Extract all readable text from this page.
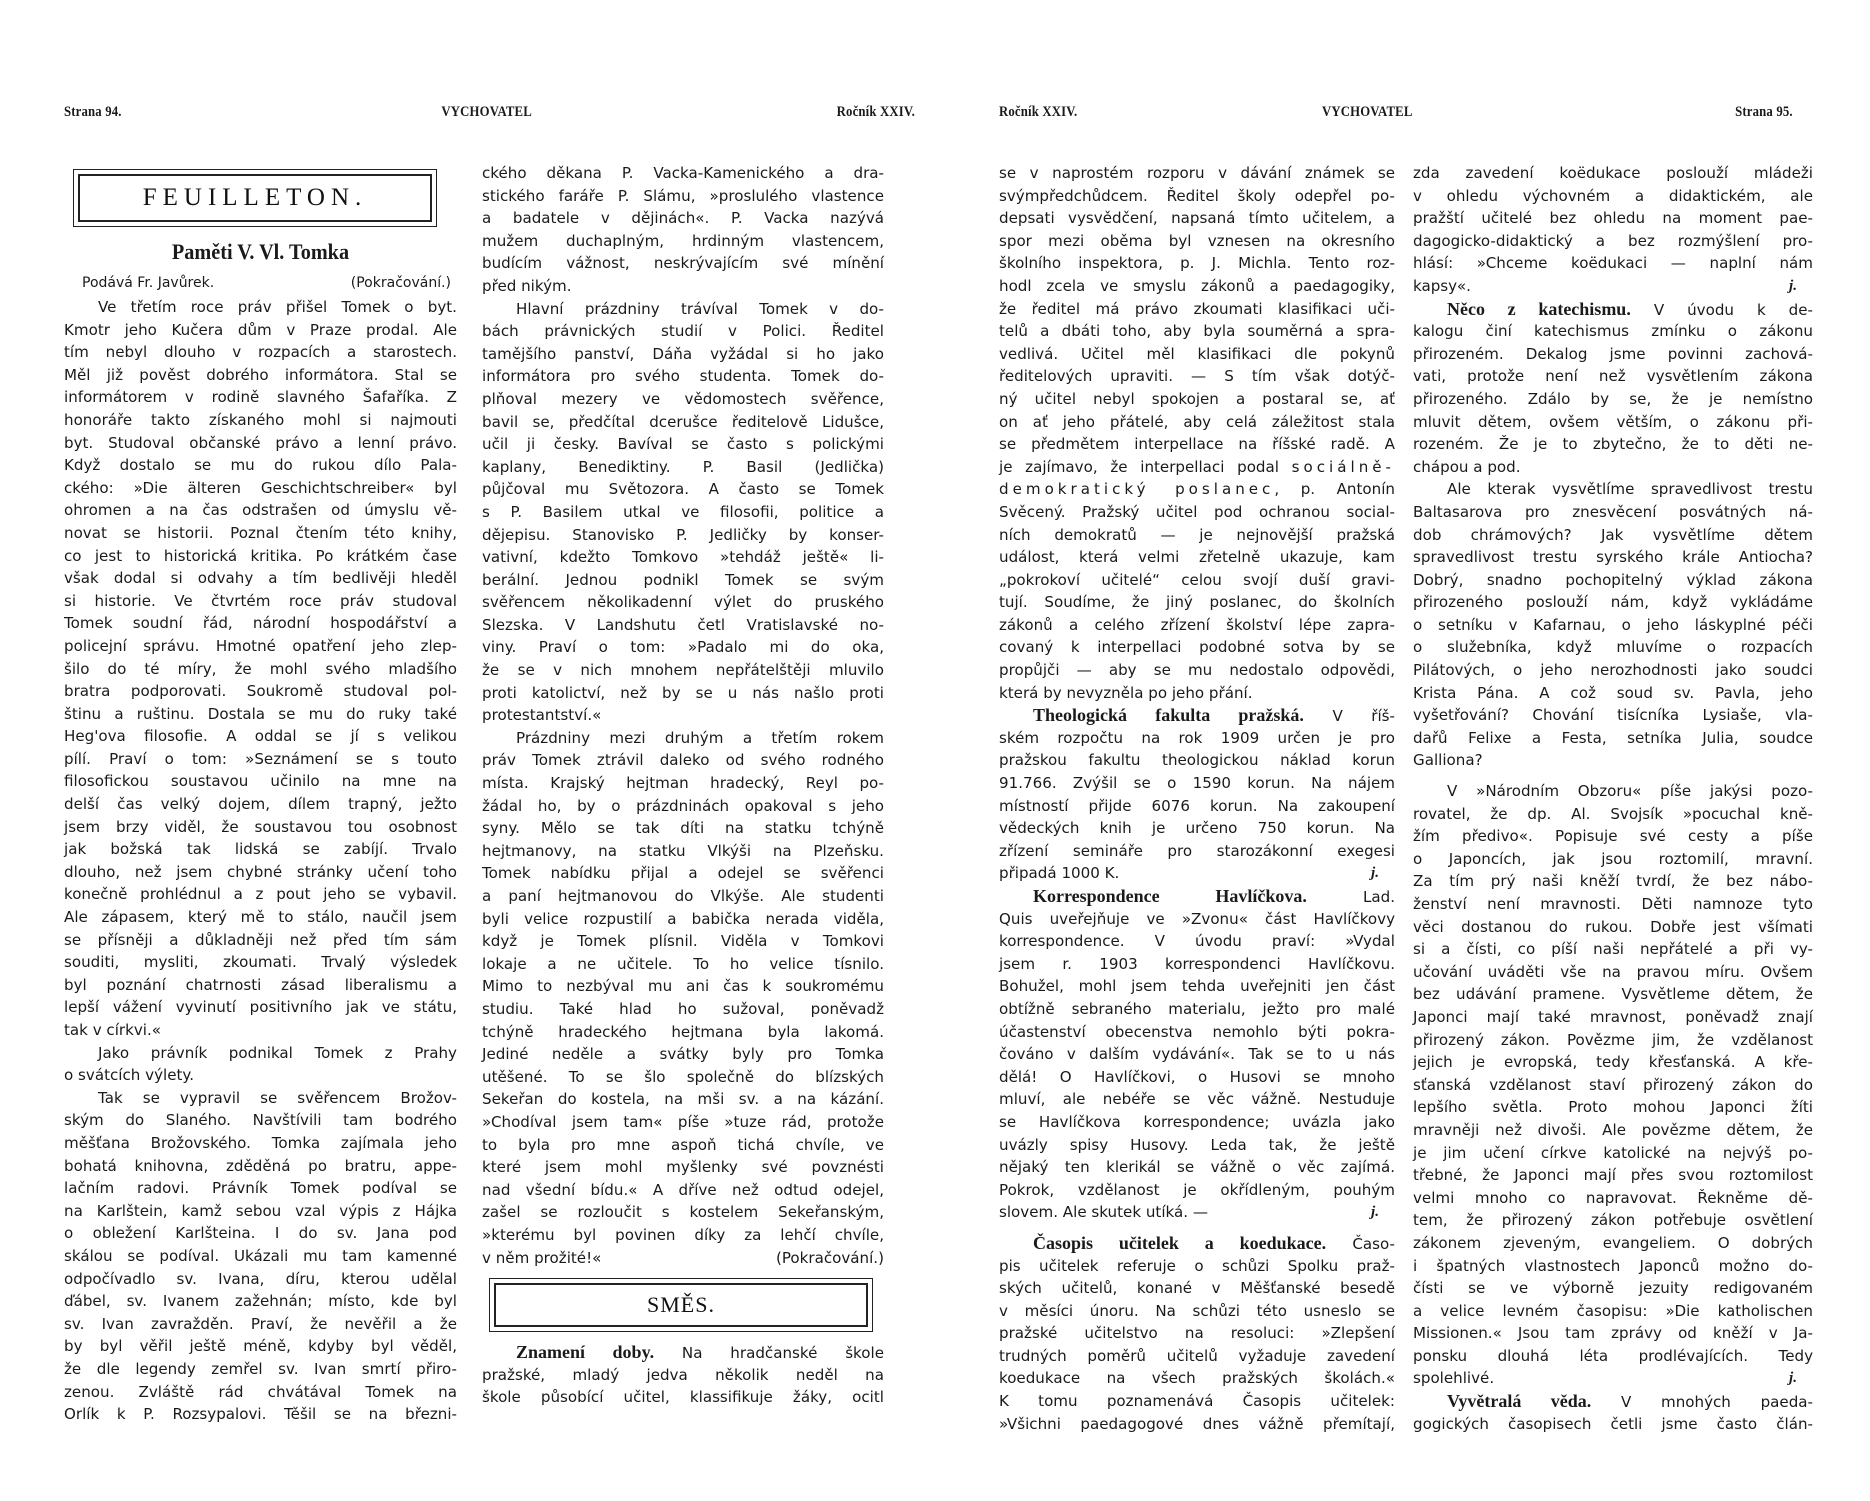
Strana 94.	VYCHOVATEL	Ročník XXIV.
FEUILLETON.
Paměti V. Vl. Tomka
Podává Fr. Javůrek.	(Pokračování.)
Ve třetím roce práv přišel Tomek o byt.
Kmotr jeho Kučera dům v Praze prodal. Ale
tím nebyl dlouho v rozpacích a starostech.
Měl již pověst dobrého informátora. Stal se
informátorem v rodině slavného Šafaříka. Z
honoráře takto získaného mohl si najmouti
byt. Studoval občanské právo a lenní právo.
Když dostalo se mu do rukou dílo Pala-
ckého: »Die älteren Geschichtschreiber« byl
ohromen a na čas odstrašen od úmyslu vě-
novat se historii. Poznal čtením této knihy,
co jest to historická kritika. Po krátkém čase
však dodal si odvahy a tím bedlivěji hleděl
si historie. Ve čtvrtém roce práv studoval
Tomek soudní řád, národní hospodářství a
policejní správu. Hmotné opatření jeho zlep-
šilo do té míry, že mohl svého mladšího
bratra podporovati. Soukromě studoval pol-
štinu a ruštinu. Dostala se mu do ruky také
Heg'ova filosofie. A oddal se jí s velikou
pílí. Praví o tom: »Seznámení se s touto
filosofickou soustavou učinilo na mne na
delší čas velký dojem, dílem trapný, ježto
jsem brzy viděl, že soustavou tou osobnost
jak božská tak lidská se zabíjí. Trvalo
dlouho, než jsem chybné stránky učení toho
konečně prohlédnul a z pout jeho se vybavil.
Ale zápasem, který mě to stálo, naučil jsem
se přísněji a důkladněji než před tím sám
souditi, mysliti, zkoumati. Trvalý výsledek
byl poznání chatrnosti zásad liberalismu a
lepší vážení vyvinutí positivního jak ve státu,
tak v církvi.«
Jako právník podnikal Tomek z Prahy
o svátcích výlety.
Tak se vypravil se svěřencem Brožov-
ským do Slaného. Navštívili tam bodrého
měšťana Brožovského. Tomka zajímala jeho
bohatá knihovna, zděděná po bratru, appe-
lačním radovi. Právník Tomek podíval se
na Karlštein, kamž sebou vzal výpis z Hájka
o obležení Karlšteina. I do sv. Jana pod
skálou se podíval. Ukázali mu tam kamenné
odpočívadlo sv. Ivana, díru, kterou udělal
ďábel, sv. Ivanem zažehnán; místo, kde byl
sv. Ivan zavražděn. Praví, že nevěřil a že
by byl věřil ještě méně, kdyby byl věděl,
že dle legendy zemřel sv. Ivan smrtí přiro-
zenou. Zvláště rád chvátával Tomek na
Orlík k P. Rozsypalovi. Těšil se na březni-
ckého děkana P. Vacka-Kamenického a dra-
stického faráře P. Slámu, »proslulého vlastence
a badatele v dějinách«. P. Vacka nazývá
mužem duchaplným, hrdinným vlastencem,
budícím vážnost, neskrývajícím své mínění
před nikým.
Hlavní prázdniny trávíval Tomek v do-
bách právnických studií v Polici. Ředitel
tamějšího panství, Dáňa vyžádal si ho jako
informátora pro svého studenta. Tomek do-
plňoval mezery ve vědomostech svěřence,
bavil se, předčítal dcerušce ředitelově Lidušce,
učil ji česky. Bavíval se často s polickými
kaplany, Benediktiny. P. Basil (Jedlička)
půjčoval mu Světozora. A často se Tomek
s P. Basilem utkal ve filosofii, politice a
dějepisu. Stanovisko P. Jedličky by konser-
vativní, kdežto Tomkovo »tehdáž ještě« li-
berální. Jednou podnikl Tomek se svým
svěřencem několikadenní výlet do pruského
Slezska. V Landshutu četl Vratislavské no-
viny. Praví o tom: »Padalo mi do oka,
že se v nich mnohem nepřátelštěji mluvilo
proti katolictví, než by se u nás našlo proti
protestantství.«
Prázdniny mezi druhým a třetím rokem
práv Tomek ztrávil daleko od svého rodného
místa. Krajský hejtman hradecký, Reyl po-
žádal ho, by o prázdninách opakoval s jeho
syny. Mělo se tak díti na statku tchýně
hejtmanovy, na statku Vlkýši na Plzeňsku.
Tomek nabídku přijal a odejel se svěřenci
a paní hejtmanovou do Vlkýše. Ale studenti
byli velice rozpustilí a babička nerada viděla,
když je Tomek plísnil. Viděla v Tomkovi
lokaje a ne učitele. To ho velice tísnilo.
Mimo to nezbýval mu ani čas k soukromému
studiu. Také hlad ho sužoval, poněvadž
tchýně hradeckého hejtmana byla lakomá.
Jediné neděle a svátky byly pro Tomka
utěšené. To se šlo společně do blízských
Sekeřan do kostela, na mši sv. a na kázání.
»Chodíval jsem tam« píše »tuze rád, protože
to byla pro mne aspoň tichá chvíle, ve
které jsem mohl myšlenky své povznésti
nad všední bídu.« A dříve než odtud odejel,
zašel se rozloučit s kostelem Sekeřanským,
»kterému byl povinen díky za lehčí chvíle,
v něm prožité!«	(Pokračování.)
SMĚS.
Znamení doby. Na hradčanské škole
pražské, mladý jedva několik neděl na
škole působící učitel, klassifikuje žáky, ocitl
Ročník XXIV.	VYCHOVATEL	Strana 95.
se v naprostém rozporu v dávání známek se
svýmpředchůdcem. Ředitel školy odepřel po-
depsati vysvědčení, napsaná tímto učitelem, a
spor mezi oběma byl vznesen na okresního
školního inspektora, p. J. Michla. Tento roz-
hodl zcela ve smyslu zákonů a paedagogiky,
že ředitel má právo zkoumati klasifikaci uči-
telů a dbáti toho, aby byla souměrná a spra-
vedlivá. Učitel měl klasifikaci dle pokynů
ředitelových upraviti. — S tím však dotýč-
ný učitel nebyl spokojen a postaral se, ať
on ať jeho přátelé, aby celá záležitost stala
se předmětem interpellace na říšské radě. A
je zajímavo, že interpellaci podal sociálně-
demokratický poslanec, p. Antonín
Svěcený. Pražský učitel pod ochranou social-
ních demokratů — je nejnovější pražská
událost, která velmi zřetelně ukazuje, kam
„pokrokoví učitelé“ celou svojí duší gravi-
tují. Soudíme, že jiný poslanec, do školních
zákonů a celého zřízení školství lépe zapra-
covaný k interpellaci podobné sotva by se
propůjči — aby se mu nedostalo odpovědi,
která by nevyzněla po jeho přání.
Theologická fakulta pražská. V říš-
ském rozpočtu na rok 1909 určen je pro
pražskou fakultu theologickou náklad korun
91.766. Zvýšil se o 1590 korun. Na nájem
místností přijde 6076 korun. Na zakoupení
vědeckých knih je určeno 750 korun. Na
zřízení semináře pro starozákonní exegesi
připadá 1000 K.	j.
Korrespondence Havlíčkova.	Lad.
Quis uveřejňuje ve »Zvonu« část Havlíčkovy
korrespondence. V úvodu praví: »Vydal
jsem r. 1903 korrespondenci Havlíčkovu.
Bohužel, mohl jsem tehda uveřejniti jen část
obtížně sebraného materialu, ježto pro malé
účastenství obecenstva nemohlo býti pokra-
čováno v dalším vydávání«. Tak se to u nás
dělá! O Havlíčkovi, o Husovi se mnoho
mluví, ale nebéře se věc vážně. Nestuduje
se Havlíčkova korrespondence; uvázla jako
uvázly spisy Husovy. Leda tak, že ještě
nějaký ten klerikál se vážně o věc zajímá.
Pokrok, vzdělanost je okřídleným, pouhým
slovem. Ale skutek utíká. —	j.
Časopis učitelek a koedukace. Časo-
pis učitelek referuje o schůzi Spolku praž-
ských učitelů, konané v Měšťanské besedě
v měsíci únoru. Na schůzi této usneslo se
pražské učitelstvo na resoluci: »Zlepšení
trudných poměrů učitelů vyžaduje zavedení
koedukace na všech pražských školách.«
K tomu poznamenává Časopis učitelek:
»Všichni paedagogové dnes vážně přemítají,
zda zavedení koëdukace poslouží mládeži
v ohledu výchovném a didaktickém, ale
pražští učitelé bez ohledu na moment pae-
dagogicko-didaktický a bez rozmýšlení pro-
hlásí: »Chceme koëdukaci — naplní nám
kapsy«.	j.
Něco z katechismu. V úvodu k de-
kalogu činí katechismus zmínku o zákonu
přirozeném. Dekalog jsme povinni zachová-
vati, protože není než vysvětlením zákona
přirozeného. Zdálo by se, že je nemístno
mluvit dětem, ovšem větším, o zákonu při-
rozeném. Že je to zbytečno, že to děti ne-
chápou a pod.
Ale kterak vysvětlíme spravedlivost trestu
Baltasarova pro znesvěcení posvátných ná-
dob chrámových? Jak vysvětlíme dětem
spravedlivost trestu syrského krále Antiocha?
Dobrý, snadno pochopitelný výklad zákona
přirozeného poslouží nám, když vykládáme
o setníku v Kafarnau, o jeho láskyplné péči
o služebníka, když mluvíme o rozpacích
Pilátových, o jeho nerozhodnosti jako soudci
Krista Pána. A což soud sv. Pavla, jeho
vyšetřování? Chování tisícníka Lysiaše, vla-
dařů Felixe a Festa, setníka Julia, soudce
Galliona?
V »Národním Obzoru« píše jakýsi pozo-
rovatel, že dp. Al. Svojsík »pocuchal kně-
žím předivo«. Popisuje své cesty a píše
o Japoncích, jak jsou roztomilí, mravní.
Za tím prý naši kněží tvrdí, že bez nábo-
ženství není mravnosti. Děti namnoze tyto
věci dostanou do rukou. Dobře jest všímati
si a čísti, co píší naši nepřátelé a při vy-
učování uváděti vše na pravou míru. Ovšem
bez udávání pramene. Vysvětleme dětem, že
Japonci mají také mravnost, poněvadž znají
přirozený zákon. Povězme jim, že vzdělanost
jejich je evropská, tedy křesťanská. A kře-
sťanská vzdělanost staví přirozený zákon do
lepšího světla. Proto mohou Japonci žíti
mravněji než divoši. Ale povězme dětem, že
je jim učení církve katolické na nejvýš po-
třebné, že Japonci mají přes svou roztomilost
velmi mnoho co napravovat. Řekněme dě-
tem, že přirozený zákon potřebuje osvětlení
zákonem zjeveným, evangeliem. O dobrých
i špatných vlastnostech Japonců možno do-
čísti se ve výborně jezuity redigovaném
a velice levném časopisu: »Die katholischen
Missionen.« Jsou tam zprávy od kněží v Ja-
ponsku dlouhá léta prodlévajících. Tedy
spolehlivé.	j.
Vyvětralá věda. V mnohých paeda-
gogických časopisech četli jsme často člán-
